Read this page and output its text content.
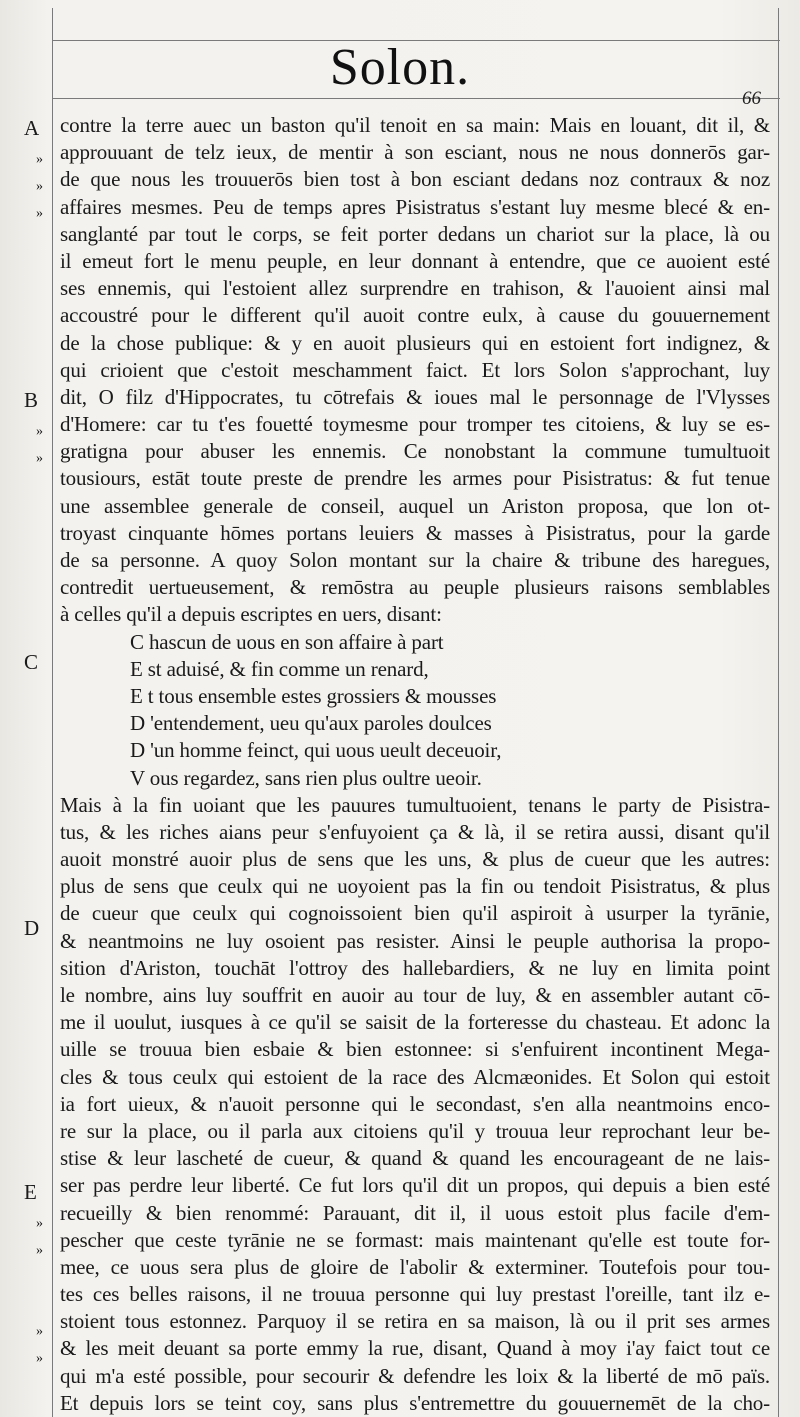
Solon.
66
A
B
C
D
E
»
»
»
»
»
»
»
»
»
contre la terre auec un baston qu'il tenoit en sa main: Mais en louant, dit il, &
approuuant de telz ieux, de mentir à son esciant, nous ne nous donnerōs gar-
de que nous les trouuerōs bien tost à bon esciant dedans noz contraux & noz
affaires mesmes. Peu de temps apres Pisistratus s'estant luy mesme blecé & en-
sanglanté par tout le corps, se feit porter dedans un chariot sur la place, là ou
il emeut fort le menu peuple, en leur donnant à entendre, que ce auoient esté
ses ennemis, qui l'estoient allez surprendre en trahison, & l'auoient ainsi mal
accoustré pour le different qu'il auoit contre eulx, à cause du gouuernement
de la chose publique: & y en auoit plusieurs qui en estoient fort indignez, &
qui crioient que c'estoit meschamment faict. Et lors Solon s'approchant, luy
dit, O filz d'Hippocrates, tu cōtrefais & ioues mal le personnage de l'Vlysses
d'Homere: car tu t'es fouetté toymesme pour tromper tes citoiens, & luy se es-
gratigna pour abuser les ennemis. Ce nonobstant la commune tumultuoit
tousiours, estāt toute preste de prendre les armes pour Pisistratus: & fut tenue
une assemblee generale de conseil, auquel un Ariston proposa, que lon ot-
troyast cinquante hōmes portans leuiers & masses à Pisistratus, pour la garde
de sa personne. A quoy Solon montant sur la chaire & tribune des haregues,
contredit uertueusement, & remōstra au peuple plusieurs raisons semblables
à celles qu'il a depuis escriptes en uers, disant:
C hascun de uous en son affaire à part
E st aduisé, & fin comme un renard,
E t tous ensemble estes grossiers & mousses
D 'entendement, ueu qu'aux paroles doulces
D 'un homme feinct, qui uous ueult deceuoir,
V ous regardez, sans rien plus oultre ueoir.
Mais à la fin uoiant que les pauures tumultuoient, tenans le party de Pisistra-
tus, & les riches aians peur s'enfuyoient ça & là, il se retira aussi, disant qu'il
auoit monstré auoir plus de sens que les uns, & plus de cueur que les autres:
plus de sens que ceulx qui ne uoyoient pas la fin ou tendoit Pisistratus, & plus
de cueur que ceulx qui cognoissoient bien qu'il aspiroit à usurper la tyrānie,
& neantmoins ne luy osoient pas resister. Ainsi le peuple authorisa la propo-
sition d'Ariston, touchāt l'ottroy des hallebardiers, & ne luy en limita point
le nombre, ains luy souffrit en auoir au tour de luy, & en assembler autant cō-
me il uoulut, iusques à ce qu'il se saisit de la forteresse du chasteau. Et adonc la
uille se trouua bien esbaie & bien estonnee: si s'enfuirent incontinent Mega-
cles & tous ceulx qui estoient de la race des Alcmæonides. Et Solon qui estoit
ia fort uieux, & n'auoit personne qui le secondast, s'en alla neantmoins enco-
re sur la place, ou il parla aux citoiens qu'il y trouua leur reprochant leur be-
stise & leur lascheté de cueur, & quand & quand les encourageant de ne lais-
ser pas perdre leur liberté. Ce fut lors qu'il dit un propos, qui depuis a bien esté
recueilly & bien renommé: Parauant, dit il, il uous estoit plus facile d'em-
pescher que ceste tyrānie ne se formast: mais maintenant qu'elle est toute for-
mee, ce uous sera plus de gloire de l'abolir & exterminer. Toutefois pour tou-
tes ces belles raisons, il ne trouua personne qui luy prestast l'oreille, tant ilz e-
stoient tous estonnez. Parquoy il se retira en sa maison, là ou il prit ses armes
& les meit deuant sa porte emmy la rue, disant, Quand à moy i'ay faict tout ce
qui m'a esté possible, pour secourir & defendre les loix & la liberté de mō païs.
Et depuis lors se teint coy, sans plus s'entremettre du gouuernemēt de la cho-
